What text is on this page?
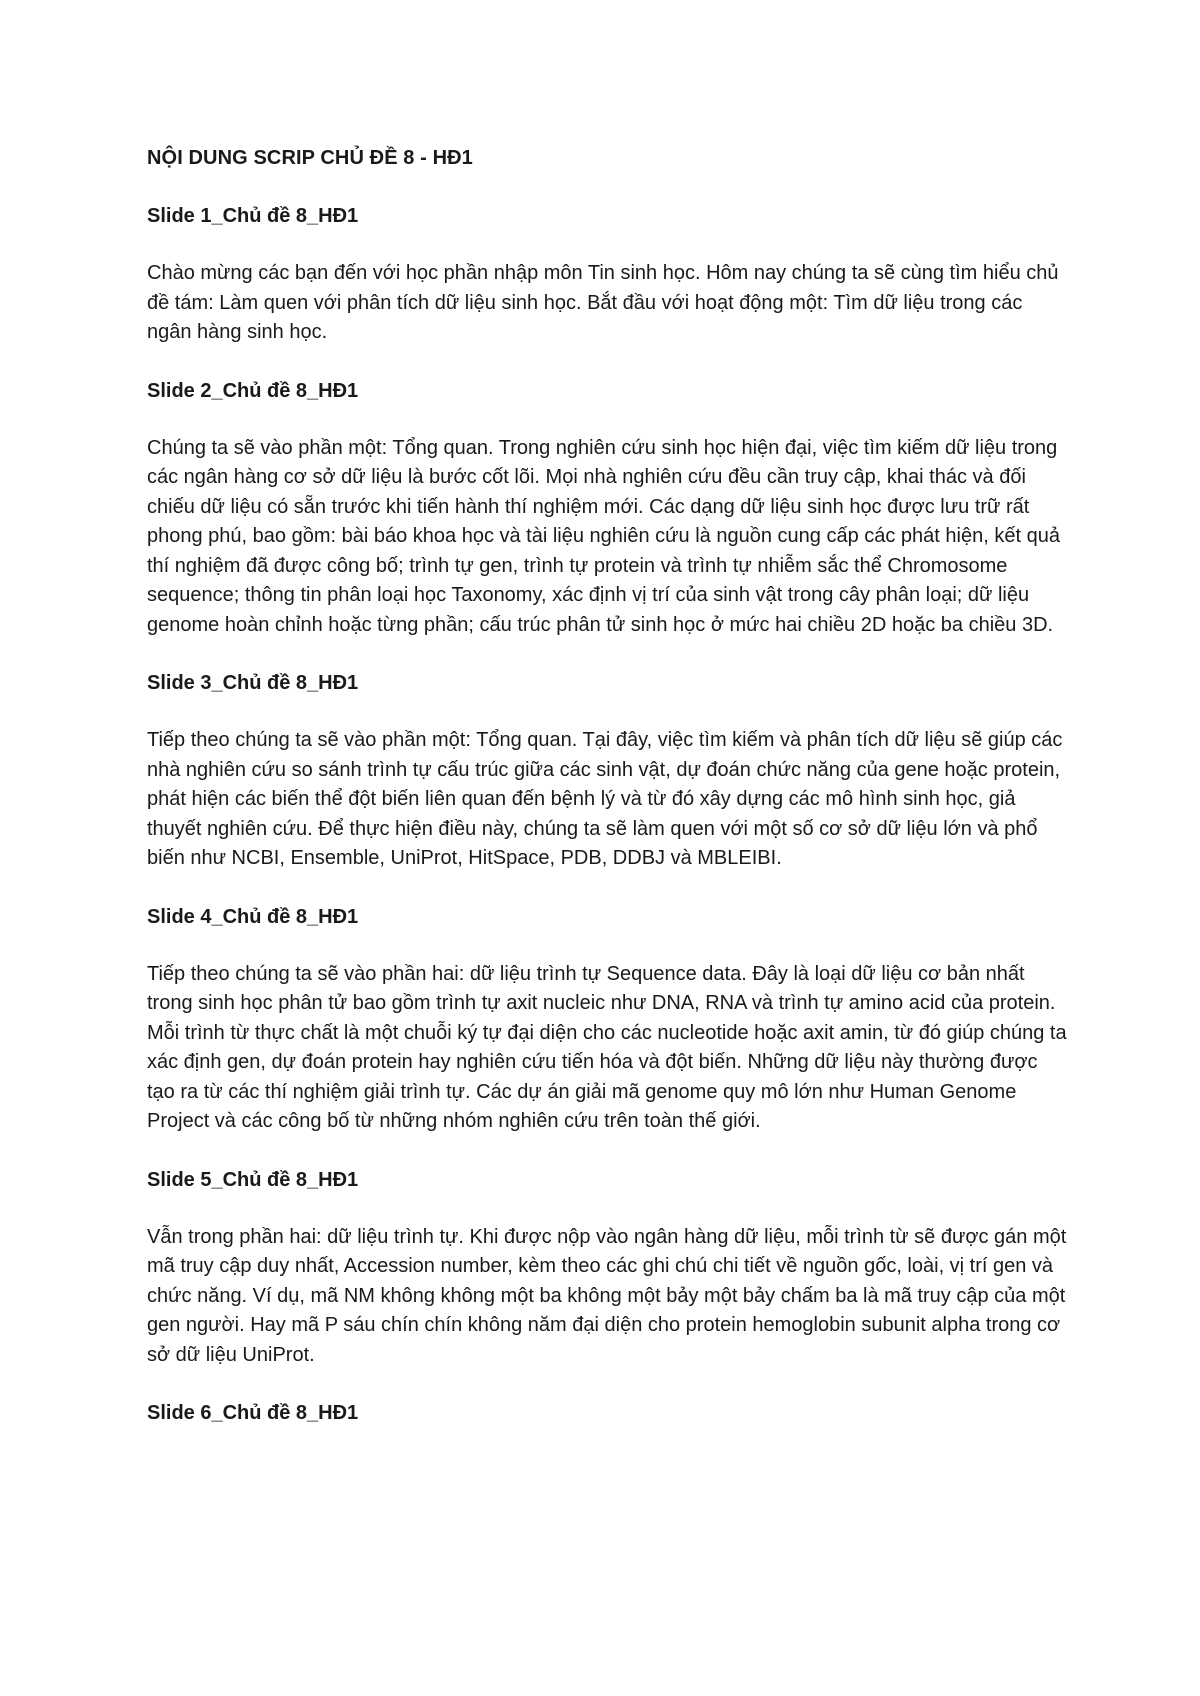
NỘI DUNG SCRIP CHỦ ĐỀ 8 - HĐ1
Slide 1_Chủ đề 8_HĐ1

Chào mừng các bạn đến với học phần nhập môn Tin sinh học. Hôm nay chúng ta sẽ cùng tìm hiểu chủ đề tám: Làm quen với phân tích dữ liệu sinh học. Bắt đầu với hoạt động một: Tìm dữ liệu trong các ngân hàng sinh học.

Slide 2_Chủ đề 8_HĐ1

Chúng ta sẽ vào phần một: Tổng quan. Trong nghiên cứu sinh học hiện đại, việc tìm kiếm dữ liệu trong các ngân hàng cơ sở dữ liệu là bước cốt lõi. Mọi nhà nghiên cứu đều cần truy cập, khai thác và đối chiếu dữ liệu có sẵn trước khi tiến hành thí nghiệm mới. Các dạng dữ liệu sinh học được lưu trữ rất phong phú, bao gồm: bài báo khoa học và tài liệu nghiên cứu là nguồn cung cấp các phát hiện, kết quả thí nghiệm đã được công bố; trình tự gen, trình tự protein và trình tự nhiễm sắc thể Chromosome sequence; thông tin phân loại học Taxonomy, xác định vị trí của sinh vật trong cây phân loại; dữ liệu genome hoàn chỉnh hoặc từng phần; cấu trúc phân tử sinh học ở mức hai chiều 2D hoặc ba chiều 3D.

Slide 3_Chủ đề 8_HĐ1

Tiếp theo chúng ta sẽ vào phần một: Tổng quan. Tại đây, việc tìm kiếm và phân tích dữ liệu sẽ giúp các nhà nghiên cứu so sánh trình tự cấu trúc giữa các sinh vật, dự đoán chức năng của gene hoặc protein, phát hiện các biến thể đột biến liên quan đến bệnh lý và từ đó xây dựng các mô hình sinh học, giả thuyết nghiên cứu. Để thực hiện điều này, chúng ta sẽ làm quen với một số cơ sở dữ liệu lớn và phổ biến như NCBI, Ensemble, UniProt, HitSpace, PDB, DDBJ và MBLEIBI.

Slide 4_Chủ đề 8_HĐ1

Tiếp theo chúng ta sẽ vào phần hai: dữ liệu trình tự Sequence data. Đây là loại dữ liệu cơ bản nhất trong sinh học phân tử bao gồm trình tự axit nucleic như DNA, RNA và trình tự amino acid của protein. Mỗi trình từ thực chất là một chuỗi ký tự đại diện cho các nucleotide hoặc axit amin, từ đó giúp chúng ta xác định gen, dự đoán protein hay nghiên cứu tiến hóa và đột biến. Những dữ liệu này thường được tạo ra từ các thí nghiệm giải trình tự. Các dự án giải mã genome quy mô lớn như Human Genome Project và các công bố từ những nhóm nghiên cứu trên toàn thế giới.

Slide 5_Chủ đề 8_HĐ1

Vẫn trong phần hai: dữ liệu trình tự. Khi được nộp vào ngân hàng dữ liệu, mỗi trình từ sẽ được gán một mã truy cập duy nhất, Accession number, kèm theo các ghi chú chi tiết về nguồn gốc, loài, vị trí gen và chức năng. Ví dụ, mã NM không không một ba không một bảy một bảy chấm ba là mã truy cập của một gen người. Hay mã P sáu chín chín không năm đại diện cho protein hemoglobin subunit alpha trong cơ sở dữ liệu UniProt.

Slide 6_Chủ đề 8_HĐ1
